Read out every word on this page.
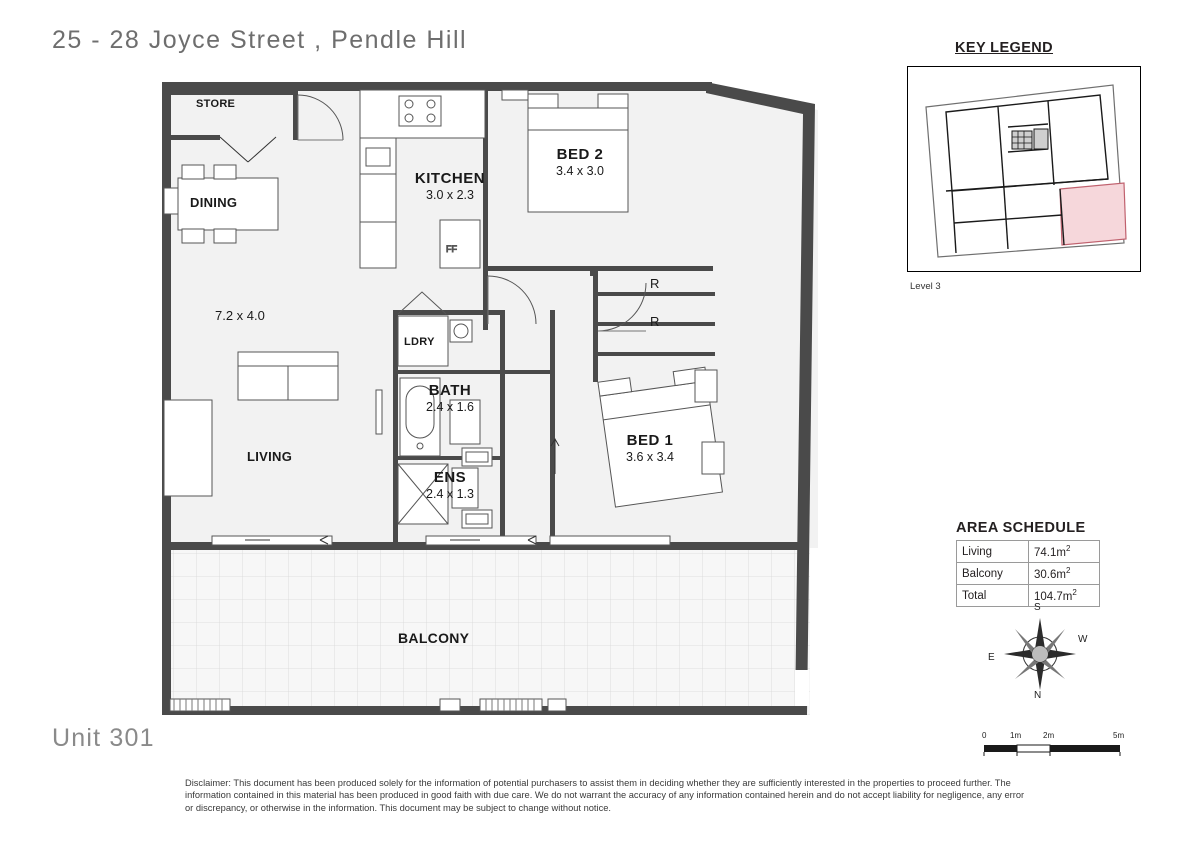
25 - 28 Joyce Street , Pendle Hill
Unit 301
FF
STORE
DINING
KITCHEN
3.0 x 2.3
BED 2
3.4 x 3.0
7.2 x 4.0
LIVING
LDRY
BATH
2.4 x 1.6
ENS
2.4 x 1.3
BED 1
3.6 x 3.4
BALCONY
R
R
KEY LEGEND
Level 3
AREA SCHEDULE
Living	$74.1m^2$
Balcony	$30.6m^2$
Total	$104.7m^2$
S
N
E
W
0	1m	2m	5m
Disclaimer: This document has been produced solely for the information of potential purchasers to assist them in deciding whether they are sufficiently interested in the properties to proceed further. The information contained in this material has been produced in good faith with due care. We do not warrant the accuracy of any information contained herein and do not accept liability for negligence, any error or discrepancy, or otherwise in the information. This document may be subject to change without notice.
